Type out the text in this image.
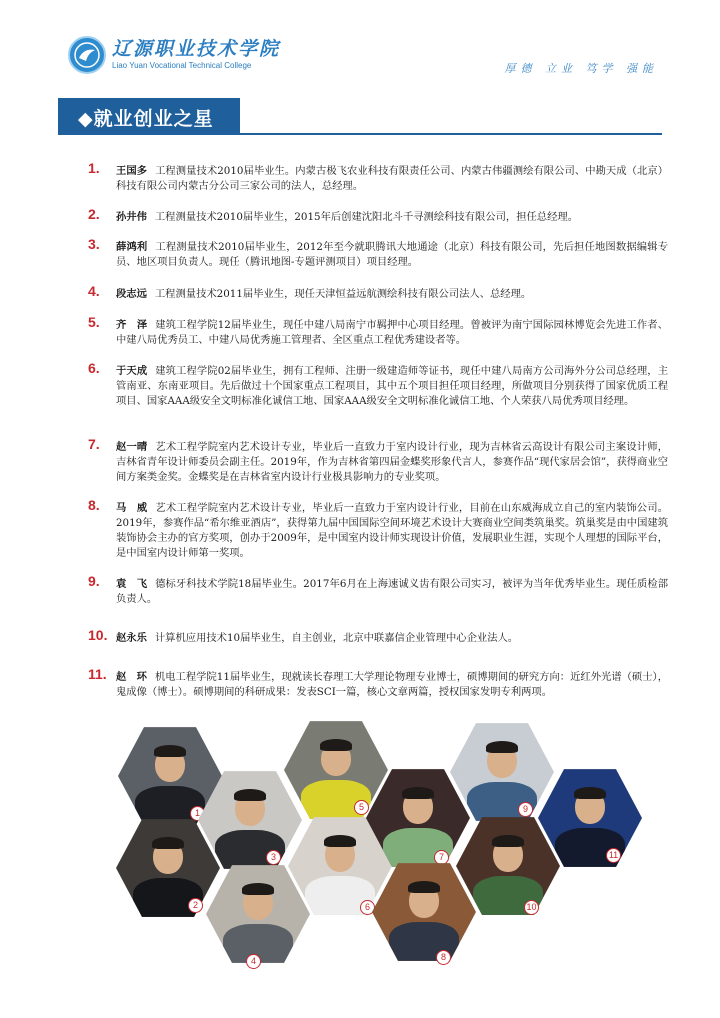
辽源职业技术学院
Liao Yuan Vocational Technical College	厚德 立业 笃学 强能
◆就业创业之星
1. 王国多 工程测量技术2010届毕业生。内蒙古极飞农业科技有限责任公司、内蒙古伟疆测绘有限公司、中勘天成（北京）科技有限公司内蒙古分公司三家公司的法人，总经理。
2. 孙井伟 工程测量技术2010届毕业生，2015年后创建沈阳北斗千寻测绘科技有限公司，担任总经理。
3. 薛鸿利 工程测量技术2010届毕业生，2012年至今就职腾讯大地通途（北京）科技有限公司，先后担任地图数据编辑专员、地区项目负责人。现任（腾讯地图-专题评测项目）项目经理。
4. 段志远 工程测量技术2011届毕业生，现任天津恒益远航测绘科技有限公司法人、总经理。
5. 齐　泽 建筑工程学院12届毕业生，现任中建八局南宁市羁押中心项目经理。曾被评为南宁国际园林博览会先进工作者、中建八局优秀员工、中建八局优秀施工管理者、全区重点工程优秀建设者等。
6. 于天成 建筑工程学院02届毕业生，拥有工程师、注册一级建造师等证书，现任中建八局南方公司海外分公司总经理，主管南亚、东南亚项目。先后做过十个国家重点工程项目，其中五个项目担任项目经理，所做项目分别获得了国家优质工程项目、国家AAA级安全文明标准化诚信工地、国家AAA级安全文明标准化诚信工地、个人荣获八局优秀项目经理。
7. 赵一晴 艺术工程学院室内艺术设计专业，毕业后一直致力于室内设计行业，现为吉林省云高设计有限公司主案设计师，吉林省青年设计师委员会副主任。2019年，作为吉林省第四届金蝶奖形象代言人，参赛作品“现代家居会馆”，获得商业空间方案类金奖。金蝶奖是在吉林省室内设计行业极具影响力的专业奖项。
8. 马　威 艺术工程学院室内艺术设计专业，毕业后一直致力于室内设计行业，目前在山东威海成立自己的室内装饰公司。2019年，参赛作品“希尔维亚酒店”，获得第九届中国国际空间环境艺术设计大赛商业空间类筑巢奖。筑巢奖是由中国建筑装饰协会主办的官方奖项，创办于2009年，是中国室内设计师实现设计价值，发展职业生涯，实现个人理想的国际平台，是中国室内设计师第一奖项。
9. 袁　飞 德标牙科技术学院18届毕业生。2017年6月在上海速诚义齿有限公司实习，被评为当年优秀毕业生。现任质检部负责人。
10. 赵永乐 计算机应用技术10届毕业生，自主创业，北京中联嘉信企业管理中心企业法人。
11. 赵　环 机电工程学院11届毕业生，现就读长春理工大学理论物理专业博士，硕博期间的研究方向：近红外光谱（硕士），鬼成像（博士）。硕博期间的科研成果：发表SCI一篇，核心文章两篇，授权国家发明专利两项。
1
2
3
4
5
6
7
8
9
10
11
